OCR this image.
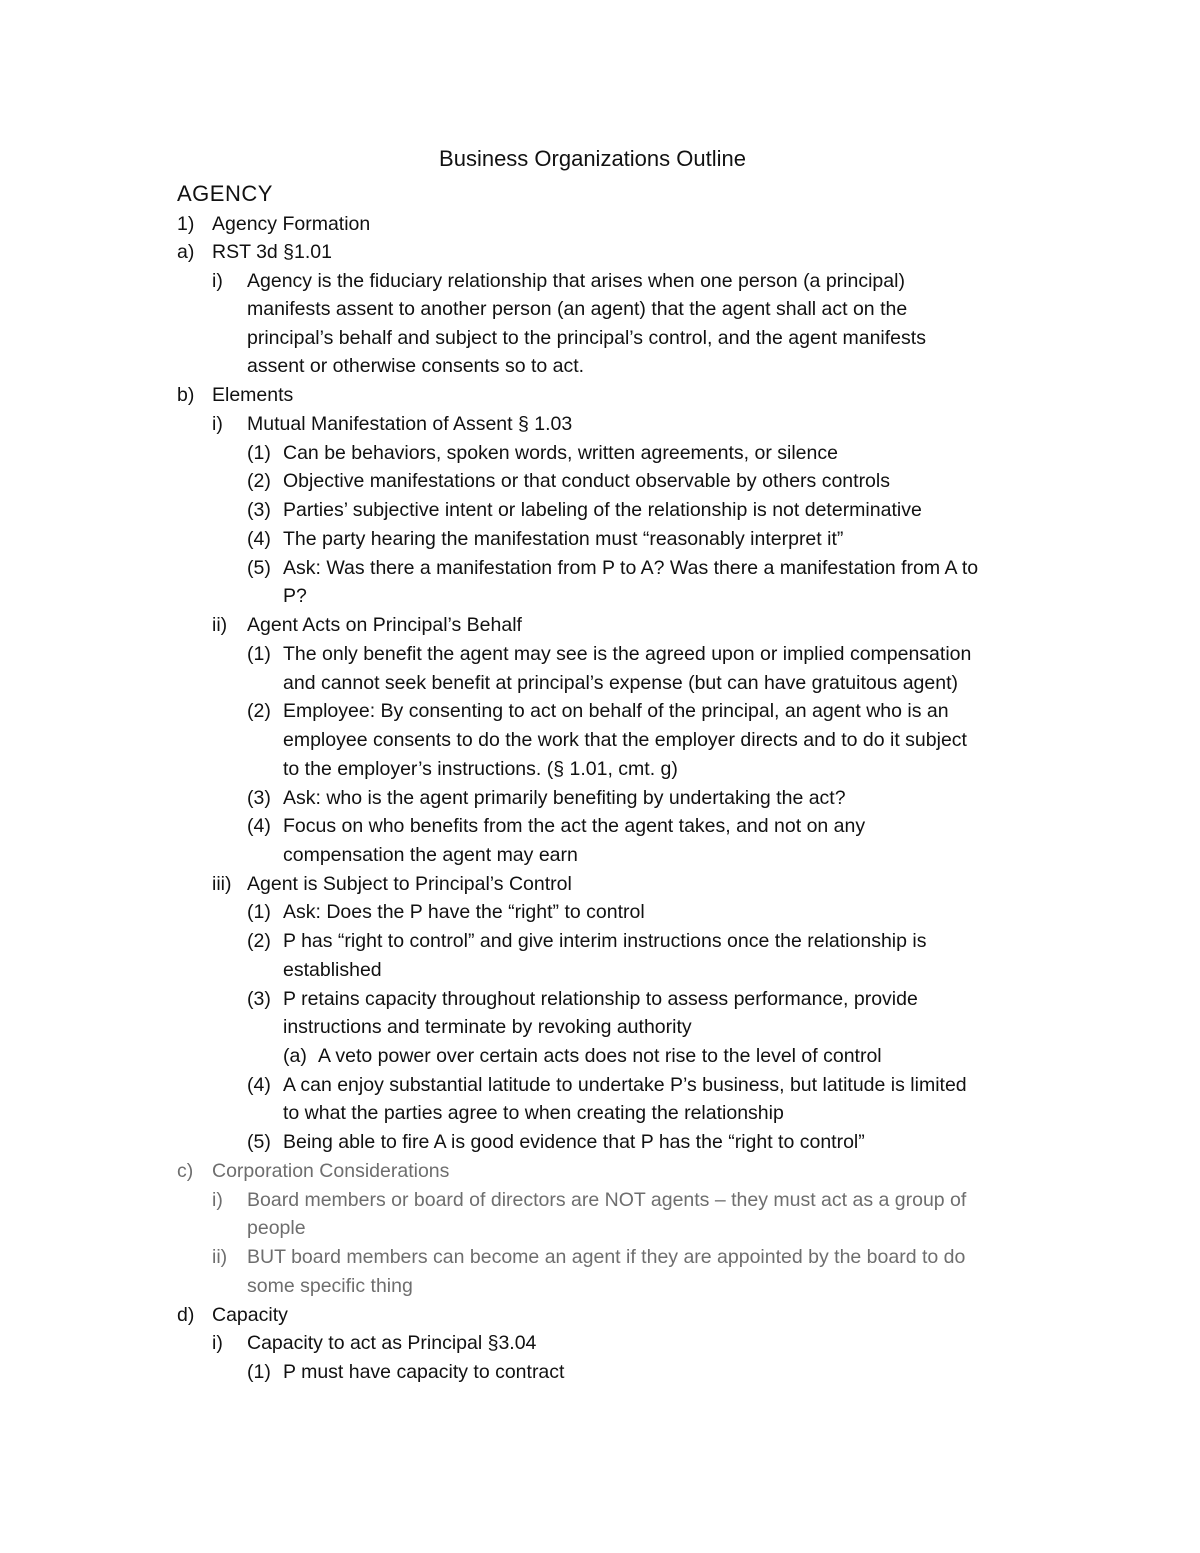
Business Organizations Outline
AGENCY
1) Agency Formation
a) RST 3d §1.01
i) Agency is the fiduciary relationship that arises when one person (a principal)
manifests assent to another person (an agent) that the agent shall act on the
principal’s behalf and subject to the principal’s control, and the agent manifests
assent or otherwise consents so to act.
b) Elements
i) Mutual Manifestation of Assent § 1.03
(1) Can be behaviors, spoken words, written agreements, or silence
(2) Objective manifestations or that conduct observable by others controls
(3) Parties’ subjective intent or labeling of the relationship is not determinative
(4) The party hearing the manifestation must “reasonably interpret it”
(5) Ask: Was there a manifestation from P to A? Was there a manifestation from A to
P?
ii) Agent Acts on Principal’s Behalf
(1) The only benefit the agent may see is the agreed upon or implied compensation
and cannot seek benefit at principal’s expense (but can have gratuitous agent)
(2) Employee: By consenting to act on behalf of the principal, an agent who is an
employee consents to do the work that the employer directs and to do it subject
to the employer’s instructions. (§ 1.01, cmt. g)
(3) Ask: who is the agent primarily benefiting by undertaking the act?
(4) Focus on who benefits from the act the agent takes, and not on any
compensation the agent may earn
iii) Agent is Subject to Principal’s Control
(1) Ask: Does the P have the “right” to control
(2) P has “right to control” and give interim instructions once the relationship is
established
(3) P retains capacity throughout relationship to assess performance, provide
instructions and terminate by revoking authority
(a) A veto power over certain acts does not rise to the level of control
(4) A can enjoy substantial latitude to undertake P’s business, but latitude is limited
to what the parties agree to when creating the relationship
(5) Being able to fire A is good evidence that P has the “right to control”
c) Corporation Considerations
i) Board members or board of directors are NOT agents – they must act as a group of
people
ii) BUT board members can become an agent if they are appointed by the board to do
some specific thing
d) Capacity
i) Capacity to act as Principal §3.04
(1) P must have capacity to contract
